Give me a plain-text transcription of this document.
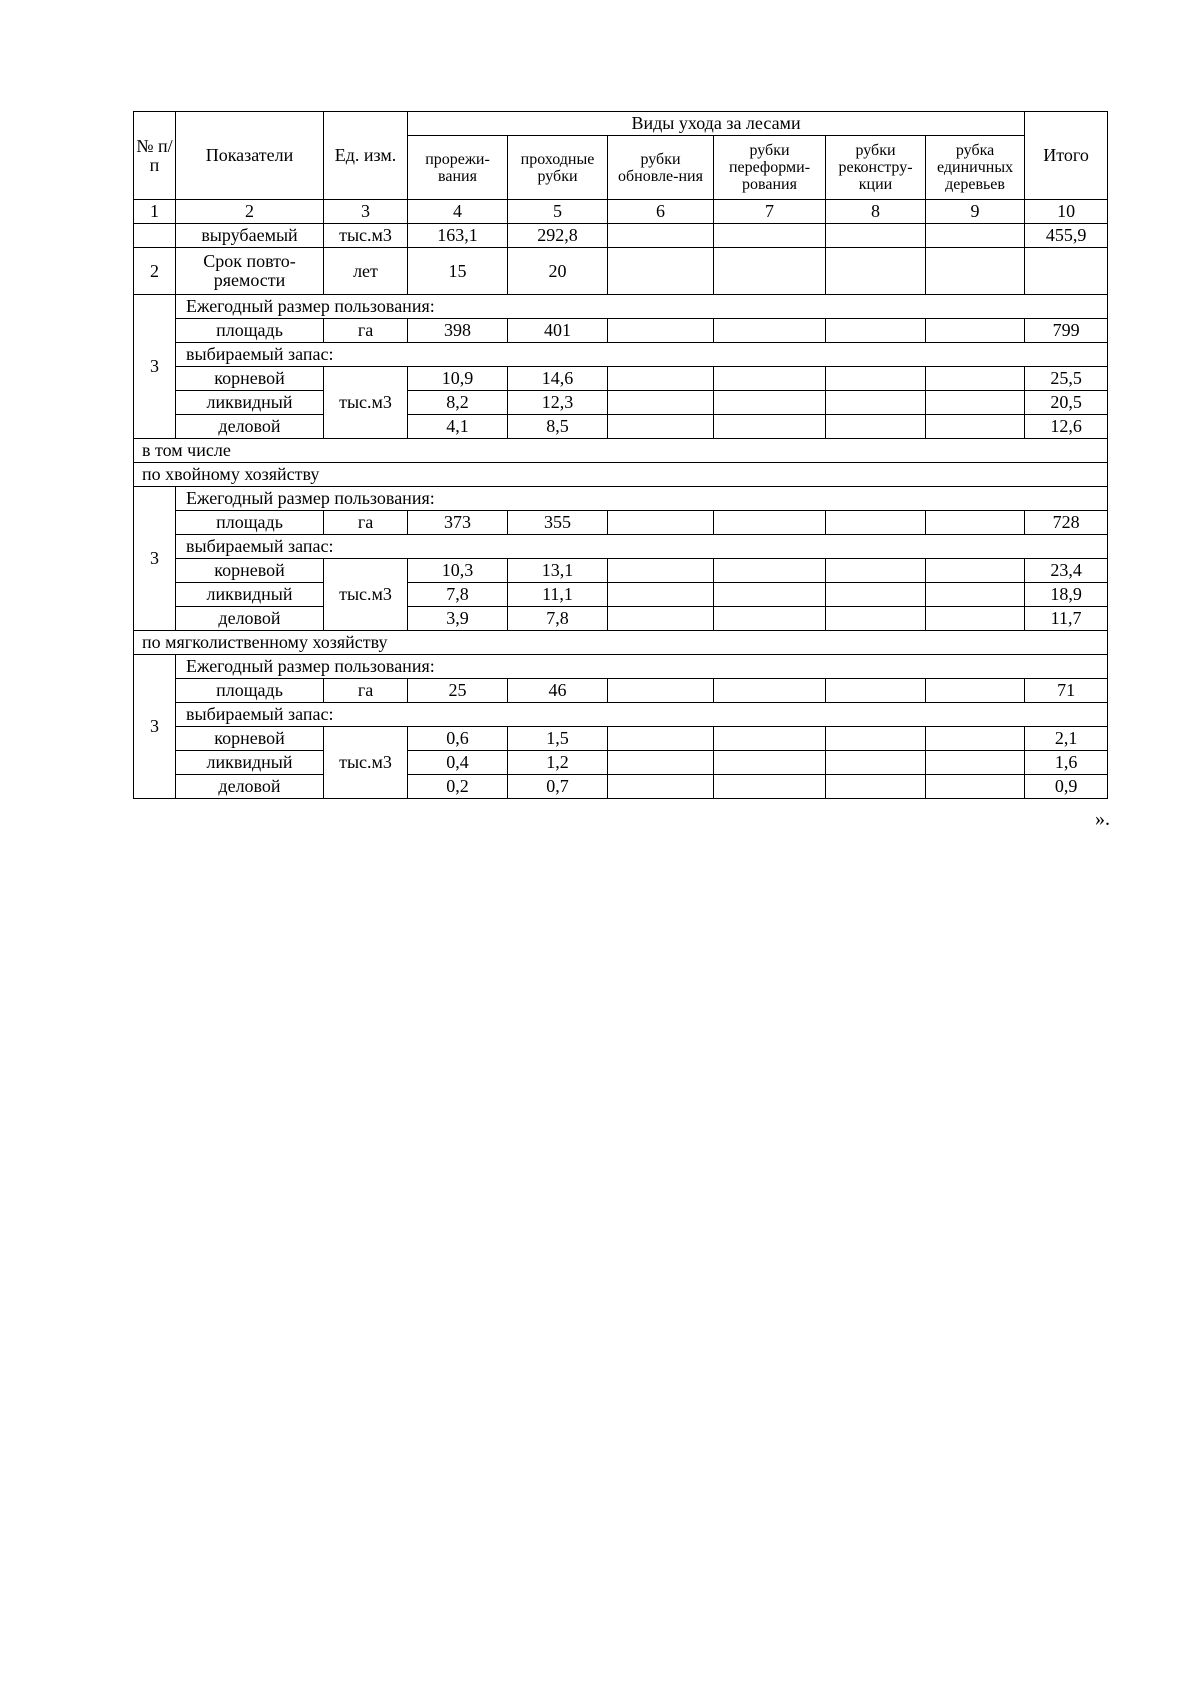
№ п/ п	Показатели	Ед. изм.	Виды ухода за лесами						Итого
			прорежи-вания	проходные рубки	рубки обновле-ния	рубки переформи-рования	рубки реконстру-кции	рубка единичных деревьев	
1	2	3	4	5	6	7	8	9	10
	вырубаемый	тыс.м3	163,1	292,8					455,9
2	Срок повто-ряемости	лет	15	20					
3	Ежегодный размер пользования:								
	площадь	га	398	401					799
	выбираемый запас:								
	корневой	тыс.м3	10,9	14,6					25,5
	ликвидный		8,2	12,3					20,5
	деловой		4,1	8,5					12,6
в том числе									
по хвойному хозяйству									
3	Ежегодный размер пользования:								
	площадь	га	373	355					728
	выбираемый запас:								
	корневой	тыс.м3	10,3	13,1					23,4
	ликвидный		7,8	11,1					18,9
	деловой		3,9	7,8					11,7
по мягколиственному хозяйству									
3	Ежегодный размер пользования:								
	площадь	га	25	46					71
	выбираемый запас:								
	корневой	тыс.м3	0,6	1,5					2,1
	ликвидный		0,4	1,2					1,6
	деловой		0,2	0,7					0,9
».
